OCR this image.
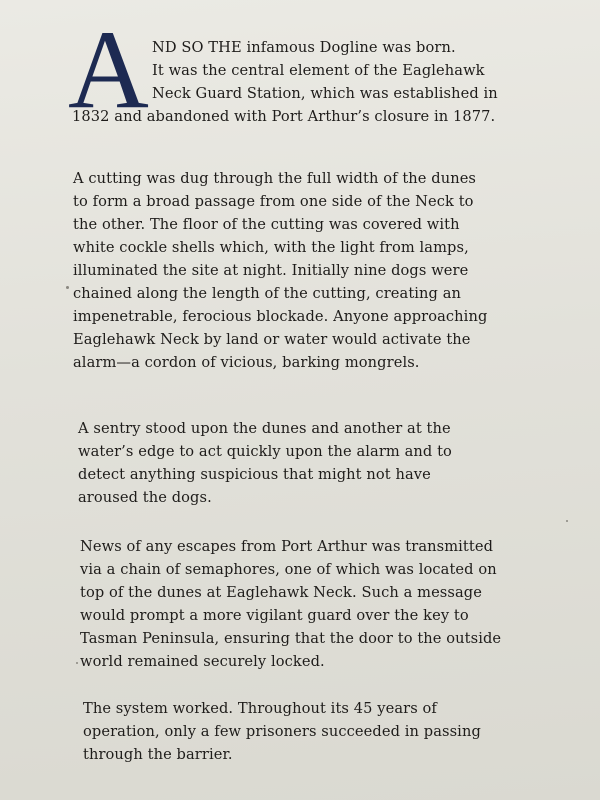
A ND SO THE infamous Dogline was born.
It was the central element of the Eaglehawk
Neck Guard Station, which was established in
1832 and abandoned with Port Arthur’s closure in 1877.
A cutting was dug through the full width of the dunes
to form a broad passage from one side of the Neck to
the other. The floor of the cutting was covered with
white cockle shells which, with the light from lamps,
illuminated the site at night. Initially nine dogs were
chained along the length of the cutting, creating an
impenetrable, ferocious blockade. Anyone approaching
Eaglehawk Neck by land or water would activate the
alarm—a cordon of vicious, barking mongrels.
A sentry stood upon the dunes and another at the
water’s edge to act quickly upon the alarm and to
detect anything suspicious that might not have
aroused the dogs.
News of any escapes from Port Arthur was transmitted
via a chain of semaphores, one of which was located on
top of the dunes at Eaglehawk Neck. Such a message
would prompt a more vigilant guard over the key to
Tasman Peninsula, ensuring that the door to the outside
world remained securely locked.
The system worked. Throughout its 45 years of
operation, only a few prisoners succeeded in passing
through the barrier.
